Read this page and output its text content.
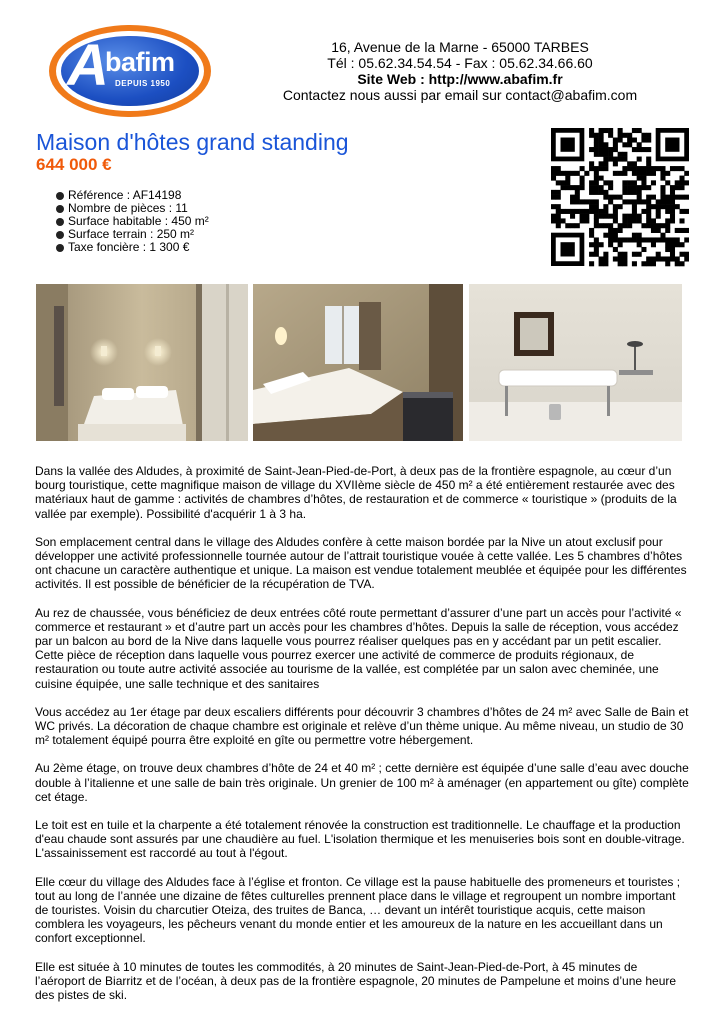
A
bafim
DEPUIS 1950
16, Avenue de la Marne - 65000 TARBES
Tél : 05.62.34.54.54 - Fax : 05.62.34.66.60
Site Web : http://www.abafim.fr
Contactez nous aussi par email sur contact@abafim.com
Maison d'hôtes grand standing
644 000 €
Référence : AF14198
Nombre de pièces : 11
Surface habitable : 450 m²
Surface terrain : 250 m²
Taxe foncière : 1 300 €

Dans la vallée des Aldudes, à proximité de Saint-Jean-Pied-de-Port, à deux pas de la frontière espagnole, au cœur d’un bourg touristique, cette magnifique maison de village du XVIIème siècle de 450 m² a été entièrement restaurée avec des matériaux haut de gamme : activités de chambres d’hôtes, de restauration et de commerce « touristique » (produits de la vallée par exemple). Possibilité d'acquérir 1 à 3 ha.

Son emplacement central dans le village des Aldudes confère à cette maison bordée par la Nive un atout exclusif pour développer une activité professionnelle tournée autour de l’attrait touristique vouée à cette vallée. Les 5 chambres d’hôtes ont chacune un caractère authentique et unique. La maison est vendue totalement meublée et équipée pour les différentes activités. Il est possible de bénéficier de la récupération de TVA.

Au rez de chaussée, vous bénéficiez de deux entrées côté route permettant d’assurer d’une part un accès pour l’activité « commerce et restaurant » et d’autre part un accès pour les chambres d’hôtes. Depuis la salle de réception, vous accédez par un balcon au bord de la Nive dans laquelle vous pourrez réaliser quelques pas en y accédant par un petit escalier. Cette pièce de réception dans laquelle vous pourrez exercer une activité de commerce de produits régionaux, de restauration ou toute autre activité associée au tourisme de la vallée, est complétée par un salon avec cheminée, une cuisine équipée, une salle technique et des sanitaires

Vous accédez au 1er étage par deux escaliers différents pour découvrir 3 chambres d’hôtes de 24 m² avec Salle de Bain et WC privés. La décoration de chaque chambre est originale et relève d’un thème unique. Au même niveau, un studio de 30 m² totalement équipé pourra être exploité en gîte ou permettre votre hébergement.

Au 2ème étage, on trouve deux chambres d’hôte de 24 et 40 m² ; cette dernière est équipée d’une salle d’eau avec douche double à l’italienne et une salle de bain très originale. Un grenier de 100 m² à aménager (en appartement ou gîte) complète cet étage.

Le toit est en tuile et la charpente a été totalement rénovée la construction est traditionnelle. Le chauffage et la production d'eau chaude sont assurés par une chaudière au fuel. L'isolation thermique et les menuiseries bois sont en double-vitrage. L'assainissement est raccordé au tout à l'égout.

Elle cœur du village des Aldudes face à l’église et fronton. Ce village est la pause habituelle des promeneurs et touristes ; tout au long de l’année une dizaine de fêtes culturelles prennent place dans le village et regroupent un nombre important de touristes. Voisin du charcutier Oteiza, des truites de Banca, … devant un intérêt touristique acquis, cette maison comblera les voyageurs, les pêcheurs venant du monde entier et les amoureux de la nature en les accueillant dans un confort exceptionnel.

Elle est située à 10 minutes de toutes les commodités, à 20 minutes de Saint-Jean-Pied-de-Port, à 45 minutes de l’aéroport de Biarritz et de l’océan, à deux pas de la frontière espagnole, 20 minutes de Pampelune et moins d’une heure des pistes de ski.
